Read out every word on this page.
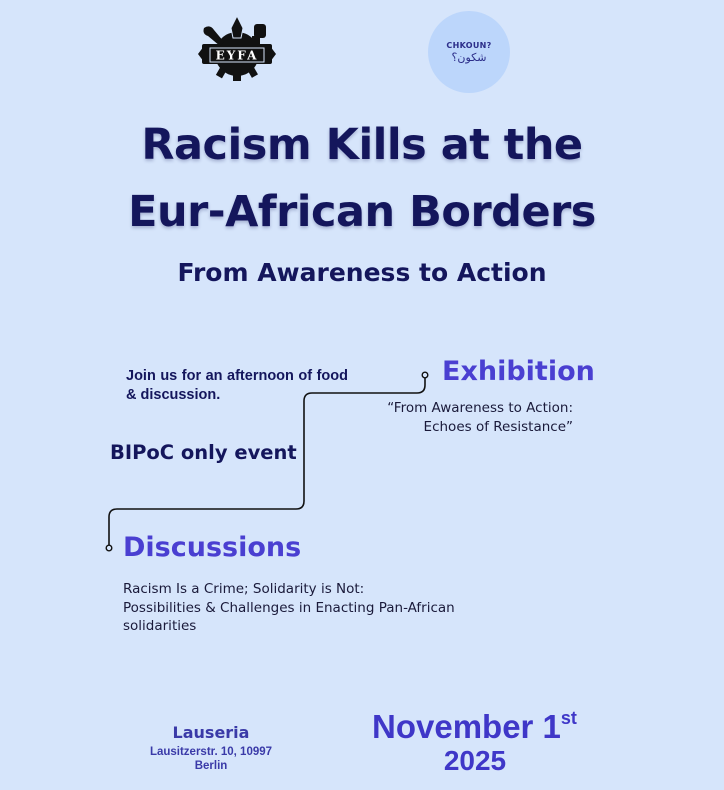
EYFA
CHKOUN?
شكون؟
Racism Kills at the
Eur-African Borders
From Awareness to Action
Join us for an afternoon of food & discussion.
BIPoC only event
Exhibition
“From Awareness to Action:
Echoes of Resistance”
Discussions
Racism Is a Crime; Solidarity is Not:
Possibilities & Challenges in Enacting Pan-African solidarities
Lauseria
Lausitzerstr. 10, 10997
Berlin
November 1st
2025
